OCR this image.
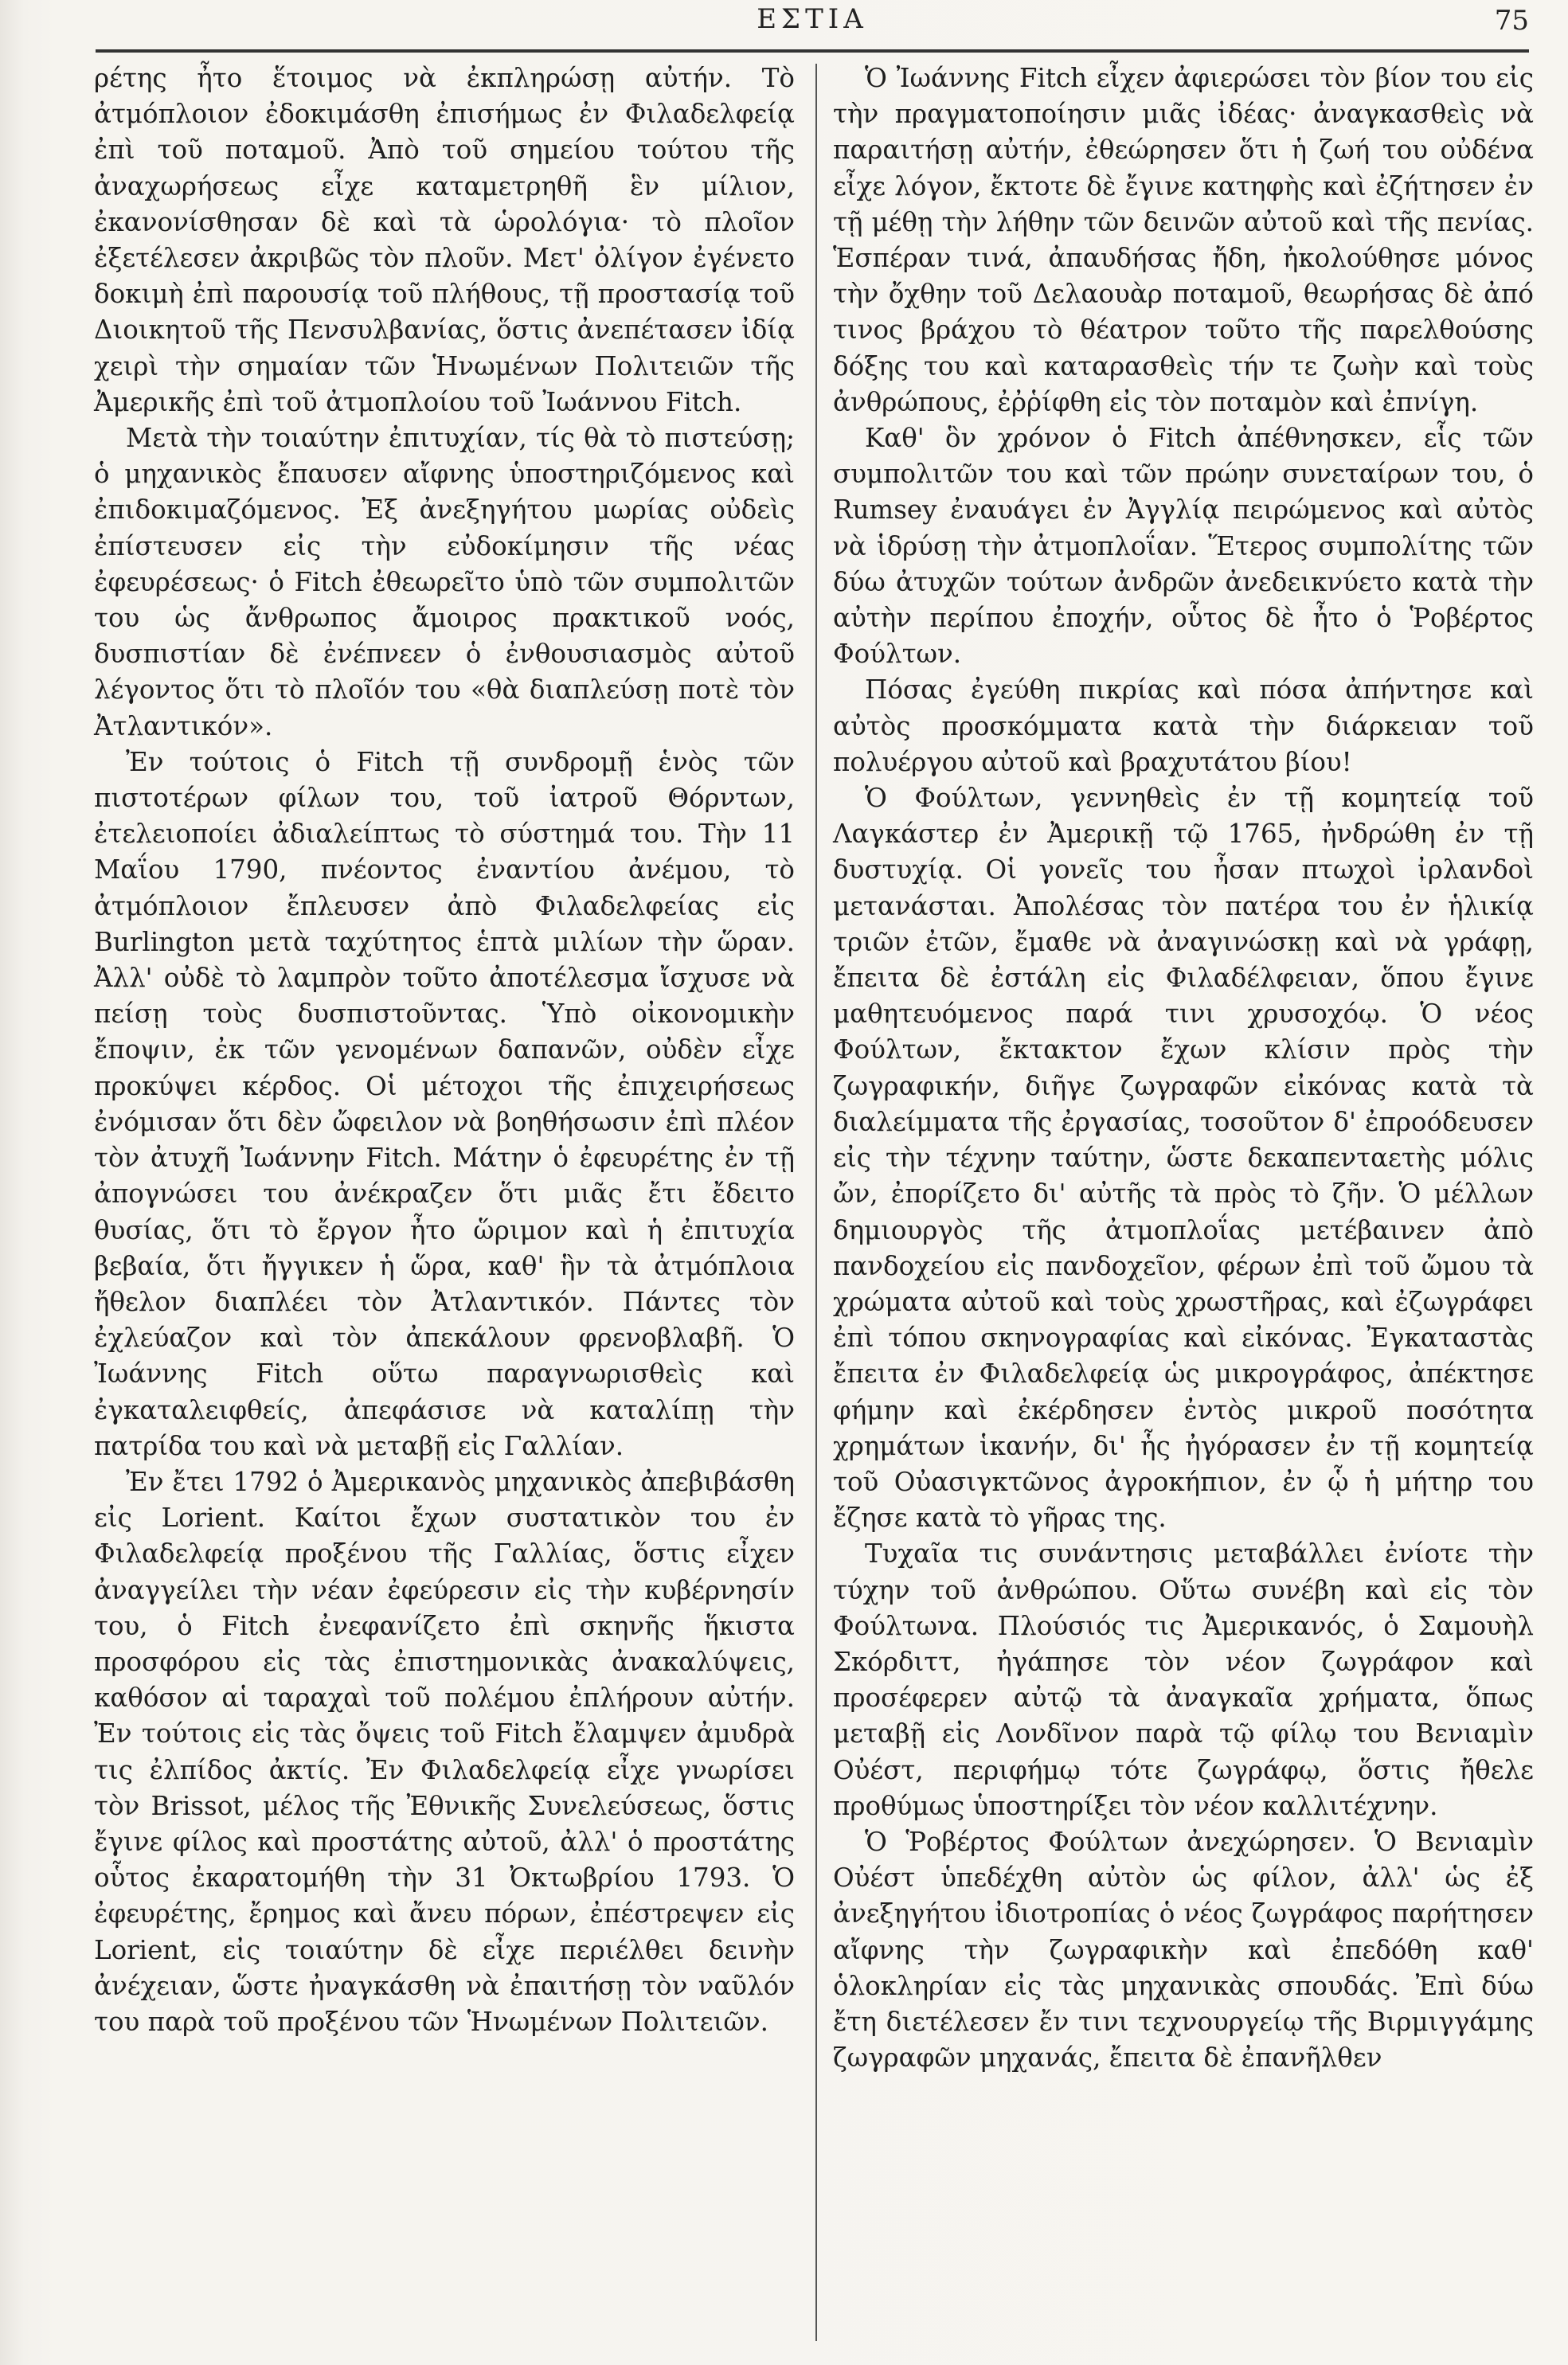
ΕΣΤΙΑ	75

ρέτης ἦτο ἕτοιμος νὰ ἐκπληρώσῃ αὐτήν. Τὸ ἀτμόπλοιον ἐδοκιμάσθη ἐπισήμως ἐν Φιλαδελφείᾳ ἐπὶ τοῦ ποταμοῦ. Ἀπὸ τοῦ σημείου τούτου τῆς ἀναχωρήσεως εἶχε καταμετρηθῆ ἓν μίλιον, ἐκανονίσθησαν δὲ καὶ τὰ ὡρολόγια· τὸ πλοῖον ἐξετέλεσεν ἀκριβῶς τὸν πλοῦν. Μετ' ὀλίγον ἐγένετο δοκιμὴ ἐπὶ παρουσίᾳ τοῦ πλήθους, τῇ προστασίᾳ τοῦ Διοικητοῦ τῆς Πενσυλβανίας, ὅστις ἀνεπέτασεν ἰδίᾳ χειρὶ τὴν σημαίαν τῶν Ἡνωμένων Πολιτειῶν τῆς Ἀμερικῆς ἐπὶ τοῦ ἀτμοπλοίου τοῦ Ἰωάννου Fitch.

Μετὰ τὴν τοιαύτην ἐπιτυχίαν, τίς θὰ τὸ πιστεύσῃ; ὁ μηχανικὸς ἔπαυσεν αἴφνης ὑποστηριζόμενος καὶ ἐπιδοκιμαζόμενος. Ἐξ ἀνεξηγήτου μωρίας οὐδεὶς ἐπίστευσεν εἰς τὴν εὐδοκίμησιν τῆς νέας ἐφευρέσεως· ὁ Fitch ἐθεωρεῖτο ὑπὸ τῶν συμπολιτῶν του ὡς ἄνθρωπος ἄμοιρος πρακτικοῦ νοός, δυσπιστίαν δὲ ἐνέπνεεν ὁ ἐνθουσιασμὸς αὐτοῦ λέγοντος ὅτι τὸ πλοῖόν του «θὰ διαπλεύσῃ ποτὲ τὸν Ἀτλαντικόν».

Ἐν τούτοις ὁ Fitch τῇ συνδρομῇ ἑνὸς τῶν πιστοτέρων φίλων του, τοῦ ἰατροῦ Θόρντων, ἐτελειοποίει ἀδιαλείπτως τὸ σύστημά του. Τὴν 11 Μαΐου 1790, πνέοντος ἐναντίου ἀνέμου, τὸ ἀτμόπλοιον ἔπλευσεν ἀπὸ Φιλαδελφείας εἰς Burlington μετὰ ταχύτητος ἑπτὰ μιλίων τὴν ὥραν. Ἀλλ' οὐδὲ τὸ λαμπρὸν τοῦτο ἀποτέλεσμα ἴσχυσε νὰ πείσῃ τοὺς δυσπιστοῦντας. Ὑπὸ οἰκονομικὴν ἔποψιν, ἐκ τῶν γενομένων δαπανῶν, οὐδὲν εἶχε προκύψει κέρδος. Οἱ μέτοχοι τῆς ἐπιχειρήσεως ἐνόμισαν ὅτι δὲν ὤφειλον νὰ βοηθήσωσιν ἐπὶ πλέον τὸν ἀτυχῆ Ἰωάννην Fitch. Μάτην ὁ ἐφευρέτης ἐν τῇ ἀπογνώσει του ἀνέκραζεν ὅτι μιᾶς ἔτι ἔδειτο θυσίας, ὅτι τὸ ἔργον ἦτο ὥριμον καὶ ἡ ἐπιτυχία βεβαία, ὅτι ἤγγικεν ἡ ὥρα, καθ' ἣν τὰ ἀτμόπλοια ἤθελον διαπλέει τὸν Ἀτλαντικόν. Πάντες τὸν ἐχλεύαζον καὶ τὸν ἀπεκάλουν φρενοβλαβῆ. Ὁ Ἰωάννης Fitch οὕτω παραγνωρισθεὶς καὶ ἐγκαταλειφθείς, ἀπεφάσισε νὰ καταλίπῃ τὴν πατρίδα του καὶ νὰ μεταβῇ εἰς Γαλλίαν.

Ἐν ἔτει 1792 ὁ Ἀμερικανὸς μηχανικὸς ἀπεβιβάσθη εἰς Lorient. Καίτοι ἔχων συστατικὸν του ἐν Φιλαδελφείᾳ προξένου τῆς Γαλλίας, ὅστις εἶχεν ἀναγγείλει τὴν νέαν ἐφεύρεσιν εἰς τὴν κυβέρνησίν του, ὁ Fitch ἐνεφανίζετο ἐπὶ σκηνῆς ἥκιστα προσφόρου εἰς τὰς ἐπιστημονικὰς ἀνακαλύψεις, καθόσον αἱ ταραχαὶ τοῦ πολέμου ἐπλήρουν αὐτήν. Ἐν τούτοις εἰς τὰς ὄψεις τοῦ Fitch ἔλαμψεν ἀμυδρὰ τις ἐλπίδος ἀκτίς. Ἐν Φιλαδελφείᾳ εἶχε γνωρίσει τὸν Brissot, μέλος τῆς Ἐθνικῆς Συνελεύσεως, ὅστις ἔγινε φίλος καὶ προστάτης αὐτοῦ, ἀλλ' ὁ προστάτης οὗτος ἐκαρατομήθη τὴν 31 Ὀκτωβρίου 1793. Ὁ ἐφευρέτης, ἔρημος καὶ ἄνευ πόρων, ἐπέστρεψεν εἰς Lorient, εἰς τοιαύτην δὲ εἶχε περιέλθει δεινὴν ἀνέχειαν, ὥστε ἠναγκάσθη νὰ ἐπαιτήσῃ τὸν ναῦλόν του παρὰ τοῦ προξένου τῶν Ἡνωμένων Πολιτειῶν.

Ὁ Ἰωάννης Fitch εἶχεν ἀφιερώσει τὸν βίον του εἰς τὴν πραγματοποίησιν μιᾶς ἰδέας· ἀναγκασθεὶς νὰ παραιτήσῃ αὐτήν, ἐθεώρησεν ὅτι ἡ ζωή του οὐδένα εἶχε λόγον, ἔκτοτε δὲ ἔγινε κατηφὴς καὶ ἐζήτησεν ἐν τῇ μέθῃ τὴν λήθην τῶν δεινῶν αὐτοῦ καὶ τῆς πενίας. Ἑσπέραν τινά, ἀπαυδήσας ἤδη, ἠκολούθησε μόνος τὴν ὄχθην τοῦ Δελαουὰρ ποταμοῦ, θεωρήσας δὲ ἀπό τινος βράχου τὸ θέατρον τοῦτο τῆς παρελθούσης δόξης του καὶ καταρασθεὶς τήν τε ζωὴν καὶ τοὺς ἀνθρώπους, ἐῤῥίφθη εἰς τὸν ποταμὸν καὶ ἐπνίγη.

Καθ' ὃν χρόνον ὁ Fitch ἀπέθνησκεν, εἷς τῶν συμπολιτῶν του καὶ τῶν πρώην συνεταίρων του, ὁ Rumsey ἐναυάγει ἐν Ἀγγλίᾳ πειρώμενος καὶ αὐτὸς νὰ ἱδρύσῃ τὴν ἀτμοπλοΐαν. Ἕτερος συμπολίτης τῶν δύω ἀτυχῶν τούτων ἀνδρῶν ἀνεδεικνύετο κατὰ τὴν αὐτὴν περίπου ἐποχήν, οὗτος δὲ ἦτο ὁ Ῥοβέρτος Φούλτων.

Πόσας ἐγεύθη πικρίας καὶ πόσα ἀπήντησε καὶ αὐτὸς προσκόμματα κατὰ τὴν διάρκειαν τοῦ πολυέργου αὐτοῦ καὶ βραχυτάτου βίου!

Ὁ Φούλτων, γεννηθεὶς ἐν τῇ κομητείᾳ τοῦ Λαγκάστερ ἐν Ἀμερικῇ τῷ 1765, ἠνδρώθη ἐν τῇ δυστυχίᾳ. Οἱ γονεῖς του ἦσαν πτωχοὶ ἰρλανδοὶ μετανάσται. Ἀπολέσας τὸν πατέρα του ἐν ἡλικίᾳ τριῶν ἐτῶν, ἔμαθε νὰ ἀναγινώσκῃ καὶ νὰ γράφῃ, ἔπειτα δὲ ἐστάλη εἰς Φιλαδέλφειαν, ὅπου ἔγινε μαθητευόμενος παρά τινι χρυσοχόῳ. Ὁ νέος Φούλτων, ἔκτακτον ἔχων κλίσιν πρὸς τὴν ζωγραφικήν, διῆγε ζωγραφῶν εἰκόνας κατὰ τὰ διαλείμματα τῆς ἐργασίας, τοσοῦτον δ' ἐπροόδευσεν εἰς τὴν τέχνην ταύτην, ὥστε δεκαπενταετὴς μόλις ὤν, ἐπορίζετο δι' αὐτῆς τὰ πρὸς τὸ ζῆν. Ὁ μέλλων δημιουργὸς τῆς ἀτμοπλοΐας μετέβαινεν ἀπὸ πανδοχείου εἰς πανδοχεῖον, φέρων ἐπὶ τοῦ ὤμου τὰ χρώματα αὐτοῦ καὶ τοὺς χρωστῆρας, καὶ ἐζωγράφει ἐπὶ τόπου σκηνογραφίας καὶ εἰκόνας. Ἐγκαταστὰς ἔπειτα ἐν Φιλαδελφείᾳ ὡς μικρογράφος, ἀπέκτησε φήμην καὶ ἐκέρδησεν ἐντὸς μικροῦ ποσότητα χρημάτων ἱκανήν, δι' ἧς ἠγόρασεν ἐν τῇ κομητείᾳ τοῦ Οὐασιγκτῶνος ἀγροκήπιον, ἐν ᾧ ἡ μήτηρ του ἔζησε κατὰ τὸ γῆρας της.

Τυχαῖα τις συνάντησις μεταβάλλει ἐνίοτε τὴν τύχην τοῦ ἀνθρώπου. Οὕτω συνέβη καὶ εἰς τὸν Φούλτωνα. Πλούσιός τις Ἀμερικανός, ὁ Σαμουὴλ Σκόρδιττ, ἠγάπησε τὸν νέον ζωγράφον καὶ προσέφερεν αὐτῷ τὰ ἀναγκαῖα χρήματα, ὅπως μεταβῇ εἰς Λονδῖνον παρὰ τῷ φίλῳ του Βενιαμὶν Οὐέστ, περιφήμῳ τότε ζωγράφῳ, ὅστις ἤθελε προθύμως ὑποστηρίξει τὸν νέον καλλιτέχνην.

Ὁ Ῥοβέρτος Φούλτων ἀνεχώρησεν. Ὁ Βενιαμὶν Οὐέστ ὑπεδέχθη αὐτὸν ὡς φίλον, ἀλλ' ὡς ἐξ ἀνεξηγήτου ἰδιοτροπίας ὁ νέος ζωγράφος παρήτησεν αἴφνης τὴν ζωγραφικὴν καὶ ἐπεδόθη καθ' ὁλοκληρίαν εἰς τὰς μηχανικὰς σπουδάς. Ἐπὶ δύω ἔτη διετέλεσεν ἔν τινι τεχνουργείῳ τῆς Βιρμιγγάμης ζωγραφῶν μηχανάς, ἔπειτα δὲ ἐπανῆλθεν
